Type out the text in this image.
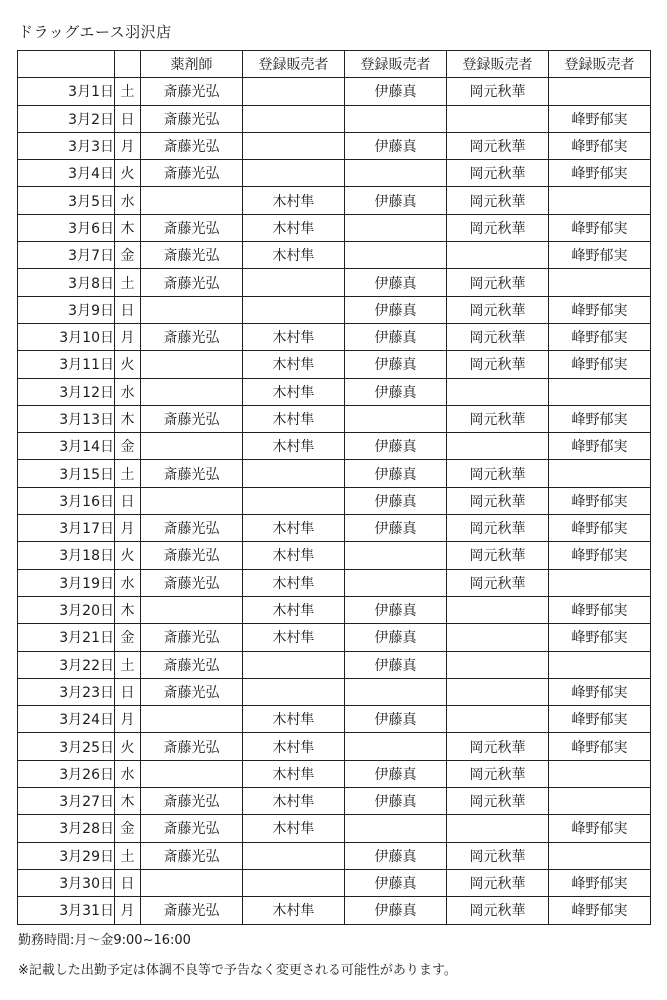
ドラッグエース羽沢店
		薬剤師	登録販売者	登録販売者	登録販売者	登録販売者
3月1日	土	斎藤光弘		伊藤真	岡元秋華	
3月2日	日	斎藤光弘				峰野郁実
3月3日	月	斎藤光弘		伊藤真	岡元秋華	峰野郁実
3月4日	火	斎藤光弘			岡元秋華	峰野郁実
3月5日	水		木村隼	伊藤真	岡元秋華	
3月6日	木	斎藤光弘	木村隼		岡元秋華	峰野郁実
3月7日	金	斎藤光弘	木村隼			峰野郁実
3月8日	土	斎藤光弘		伊藤真	岡元秋華	
3月9日	日			伊藤真	岡元秋華	峰野郁実
3月10日	月	斎藤光弘	木村隼	伊藤真	岡元秋華	峰野郁実
3月11日	火		木村隼	伊藤真	岡元秋華	峰野郁実
3月12日	水		木村隼	伊藤真		
3月13日	木	斎藤光弘	木村隼		岡元秋華	峰野郁実
3月14日	金		木村隼	伊藤真		峰野郁実
3月15日	土	斎藤光弘		伊藤真	岡元秋華	
3月16日	日			伊藤真	岡元秋華	峰野郁実
3月17日	月	斎藤光弘	木村隼	伊藤真	岡元秋華	峰野郁実
3月18日	火	斎藤光弘	木村隼		岡元秋華	峰野郁実
3月19日	水	斎藤光弘	木村隼		岡元秋華	
3月20日	木		木村隼	伊藤真		峰野郁実
3月21日	金	斎藤光弘	木村隼	伊藤真		峰野郁実
3月22日	土	斎藤光弘		伊藤真		
3月23日	日	斎藤光弘				峰野郁実
3月24日	月		木村隼	伊藤真		峰野郁実
3月25日	火	斎藤光弘	木村隼		岡元秋華	峰野郁実
3月26日	水		木村隼	伊藤真	岡元秋華	
3月27日	木	斎藤光弘	木村隼	伊藤真	岡元秋華	
3月28日	金	斎藤光弘	木村隼			峰野郁実
3月29日	土	斎藤光弘		伊藤真	岡元秋華	
3月30日	日			伊藤真	岡元秋華	峰野郁実
3月31日	月	斎藤光弘	木村隼	伊藤真	岡元秋華	峰野郁実
勤務時間:月～金9:00~16:00
※記載した出勤予定は体調不良等で予告なく変更される可能性があります。
